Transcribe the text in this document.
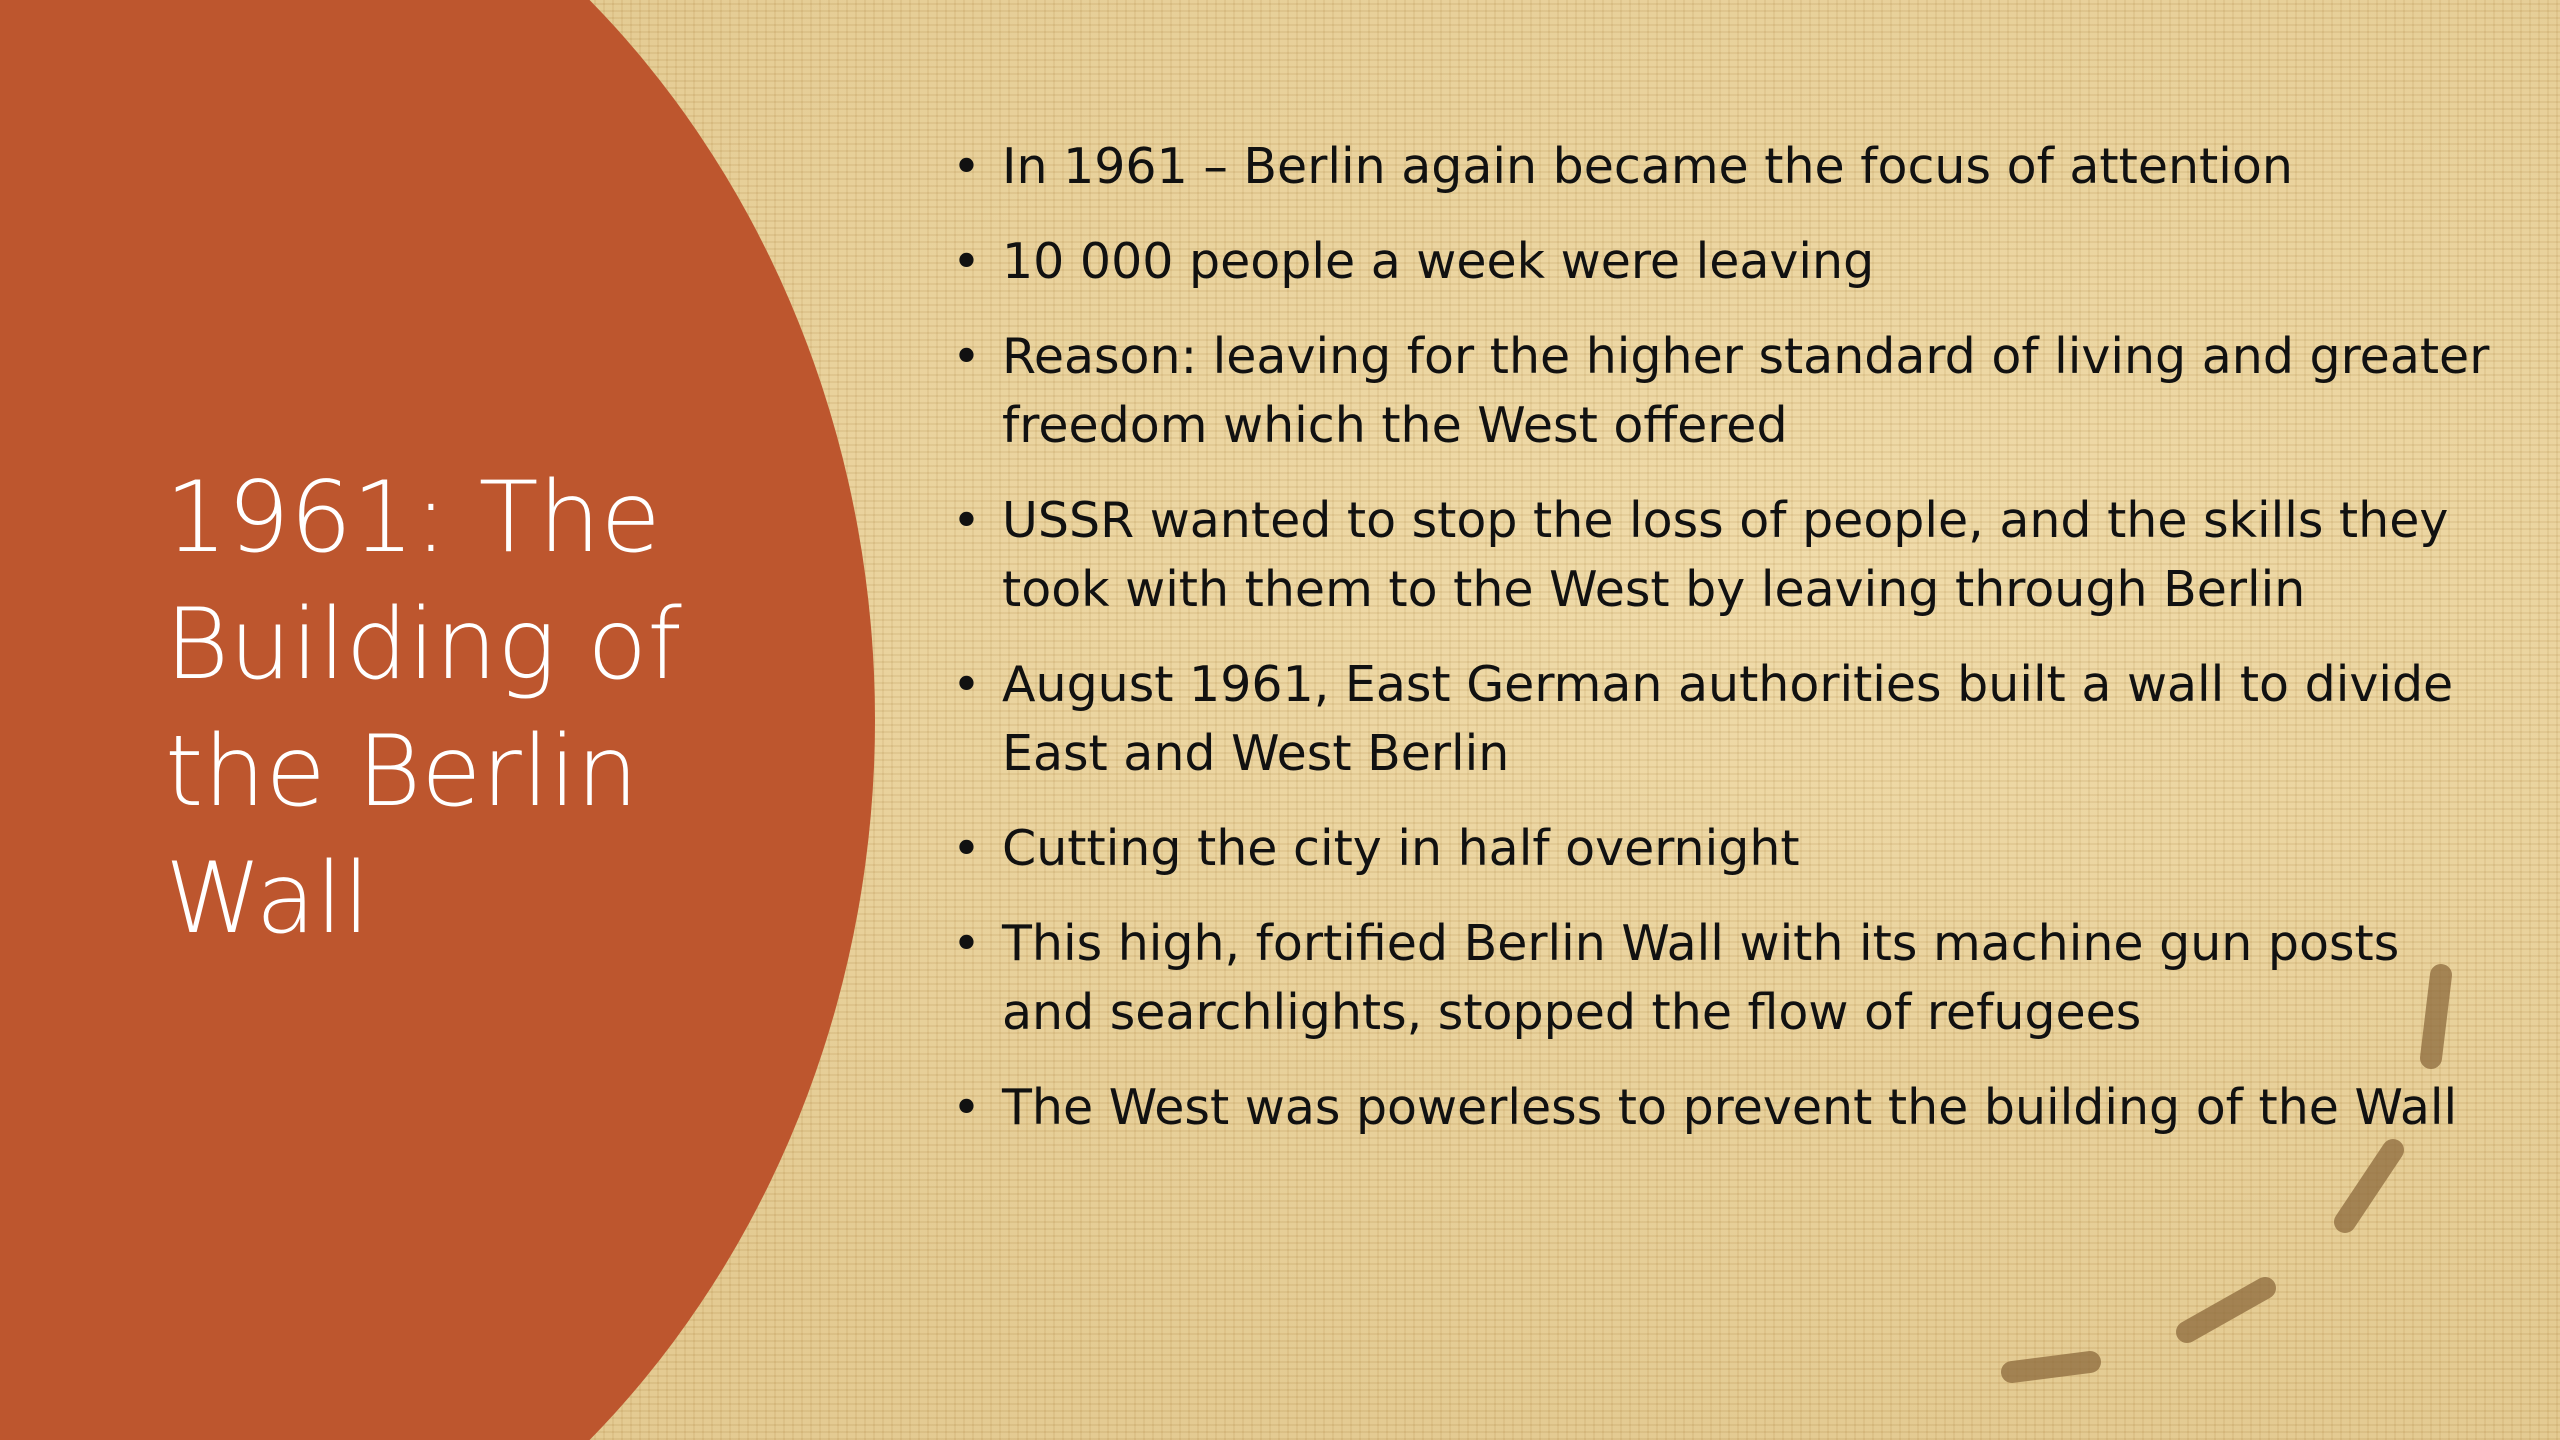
1961: The Building of the Berlin Wall
• In 1961 – Berlin again became the focus of attention
• 10 000 people a week were leaving
• Reason: leaving for the higher standard of living and greater freedom which the West offered
• USSR wanted to stop the loss of people, and the skills they took with them to the West by leaving through Berlin
• August 1961, East German authorities built a wall to divide East and West Berlin
• Cutting the city in half overnight
• This high, fortified Berlin Wall with its machine gun posts and searchlights, stopped the flow of refugees
• The West was powerless to prevent the building of the Wall
